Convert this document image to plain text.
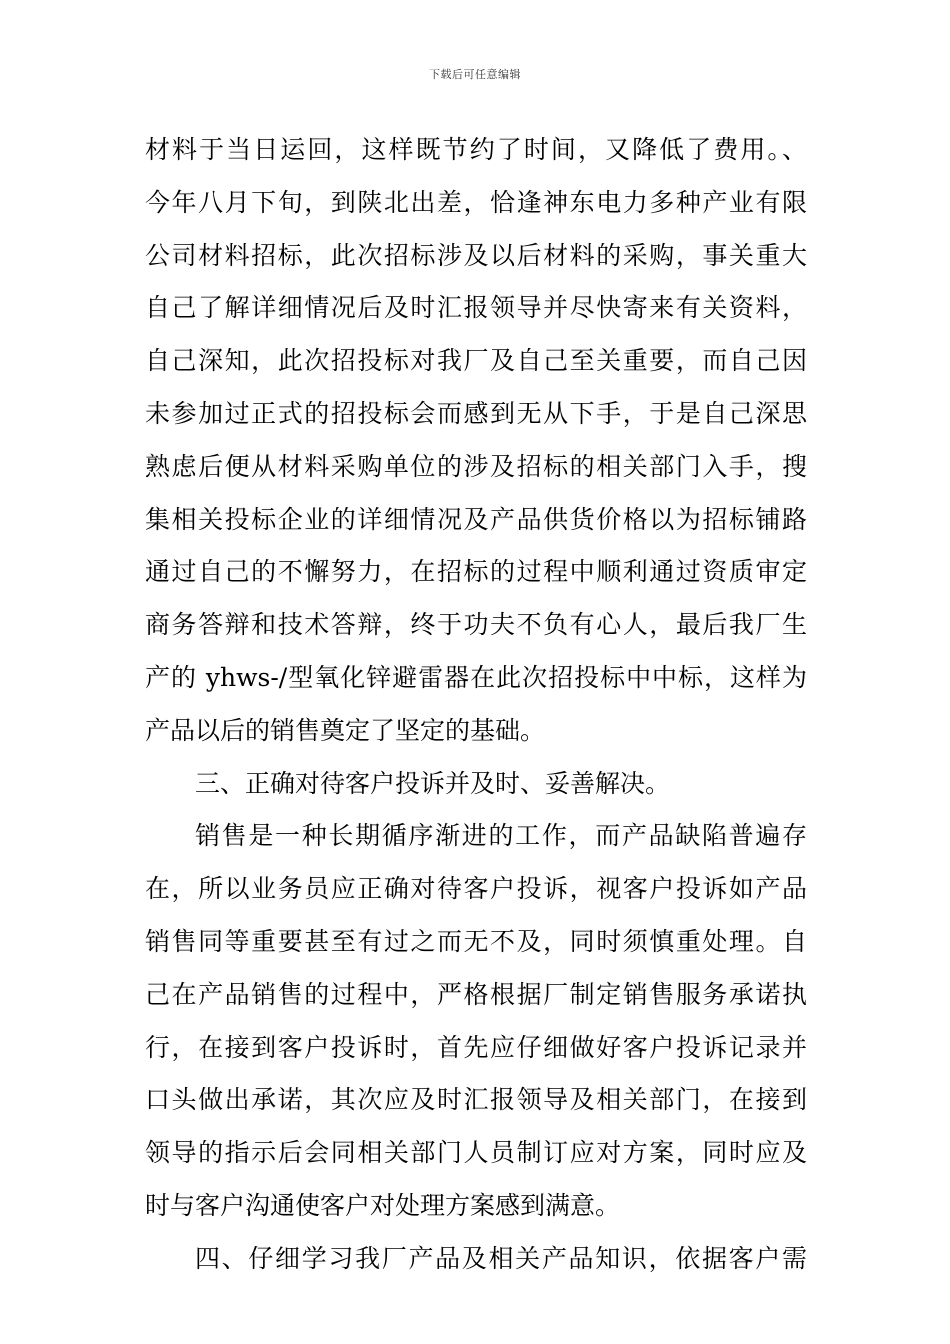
下载后可任意编辑
材料于当日运回，这样既节约了时间，又降低了费用。、
今年八月下旬，到陕北出差，恰逢神东电力多种产业有限
公司材料招标，此次招标涉及以后材料的采购，事关重大
自己了解详细情况后及时汇报领导并尽快寄来有关资料，
自己深知，此次招投标对我厂及自己至关重要，而自己因
未参加过正式的招投标会而感到无从下手，于是自己深思
熟虑后便从材料采购单位的涉及招标的相关部门入手，搜
集相关投标企业的详细情况及产品供货价格以为招标铺路
通过自己的不懈努力，在招标的过程中顺利通过资质审定
商务答辩和技术答辩，终于功夫不负有心人，最后我厂生
产的 yhws-/型氧化锌避雷器在此次招投标中中标，这样为
产品以后的销售奠定了坚定的基础。
三、正确对待客户投诉并及时、妥善解决。
销售是一种长期循序渐进的工作，而产品缺陷普遍存
在，所以业务员应正确对待客户投诉，视客户投诉如产品
销售同等重要甚至有过之而无不及，同时须慎重处理。自
己在产品销售的过程中，严格根据厂制定销售服务承诺执
行，在接到客户投诉时，首先应仔细做好客户投诉记录并
口头做出承诺，其次应及时汇报领导及相关部门，在接到
领导的指示后会同相关部门人员制订应对方案，同时应及
时与客户沟通使客户对处理方案感到满意。
四、仔细学习我厂产品及相关产品知识，依据客户需
